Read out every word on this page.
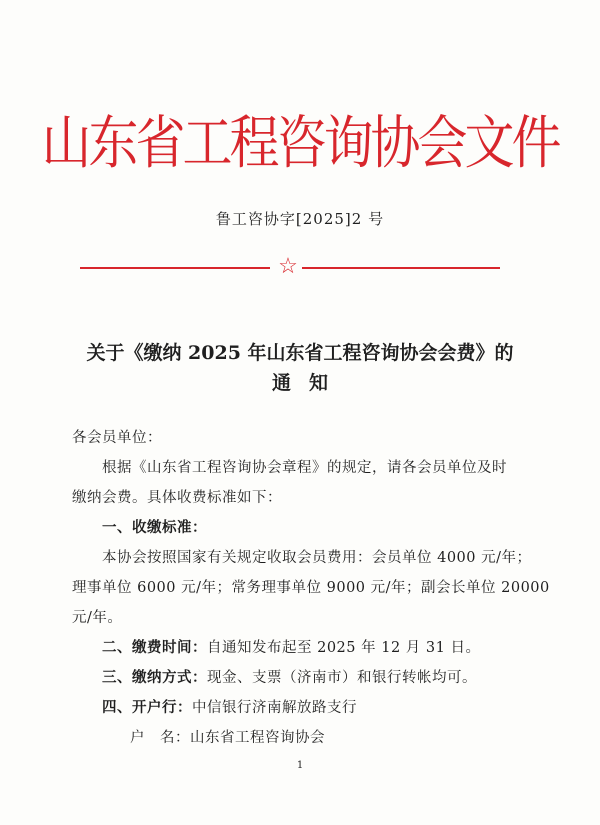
山东省工程咨询协会文件
鲁工咨协字[2025]2 号
☆
关于《缴纳 2025 年山东省工程咨询协会会费》的
通知
各会员单位：
根据《山东省工程咨询协会章程》的规定，请各会员单位及时
缴纳会费。具体收费标准如下：
一、收缴标准：
本协会按照国家有关规定收取会员费用：会员单位 4000 元/年；
理事单位 6000 元/年；常务理事单位 9000 元/年；副会长单位 20000
元/年。
二、缴费时间：自通知发布起至 2025 年 12 月 31 日。
三、缴纳方式：现金、支票（济南市）和银行转帐均可。
四、开户行：中信银行济南解放路支行
户　名：山东省工程咨询协会
1
